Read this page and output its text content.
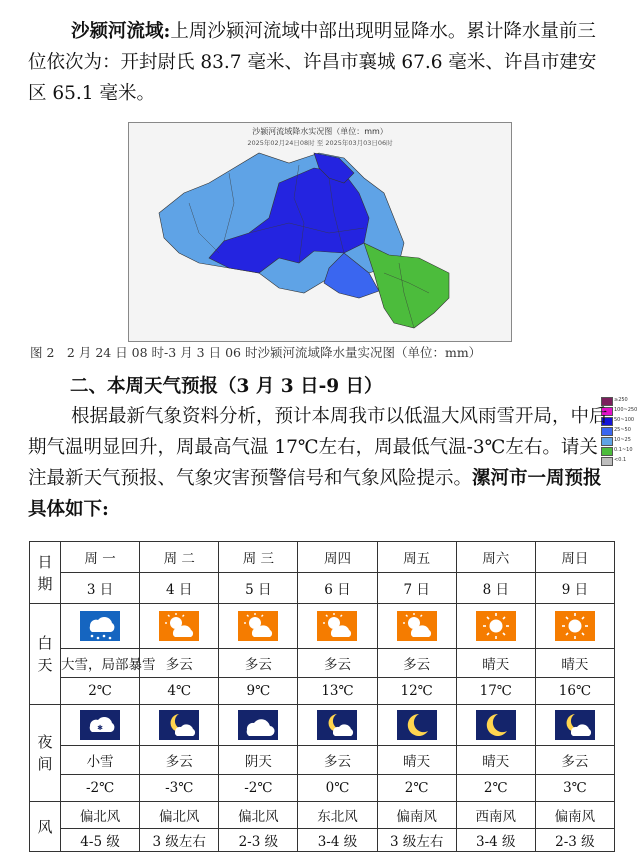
沙颍河流域:上周沙颍河流域中部出现明显降水。累计降水量前三位依次为：开封尉氏 83.7 毫米、许昌市襄城 67.6 毫米、许昌市建安区 65.1 毫米。

沙颍河流域降水实况图（单位：mm）
2025年02月24日08时 至 2025年03月03日06时
≥250
100~250
50~100
25~50
10~25
0.1~10
<0.1
图 2　2 月 24 日 08 时-3 月 3 日 06 时沙颍河流域降水量实况图（单位：mm）
二、本周天气预报（3 月 3 日-9 日）

根据最新气象资料分析，预计本周我市以低温大风雨雪开局，中后期气温明显回升，周最高气温 17℃左右，周最低气温-3℃左右。请关注最新天气预报、气象灾害预警信号和气象风险提示。漯河市一周预报具体如下:

日
期	周 一	周 二	周 三	周四	周五	周六	周日
	3 日	4 日	5 日	6 日	7 日	8 日	9 日

白
天

	大雪，局部暴雪	多云	多云	多云	多云	晴天	晴天
	2℃	4℃	9℃	13℃	12℃	17℃	16℃

夜
间	✱

	小雪	多云	阴天	多云	晴天	晴天	多云
	-2℃	-3℃	-2℃	0℃	2℃	2℃	3℃

风	偏北风	偏北风	偏北风	东北风	偏南风	西南风	偏南风
	4-5 级	3 级左右	2-3 级	3-4 级	3 级左右	3-4 级	2-3 级
